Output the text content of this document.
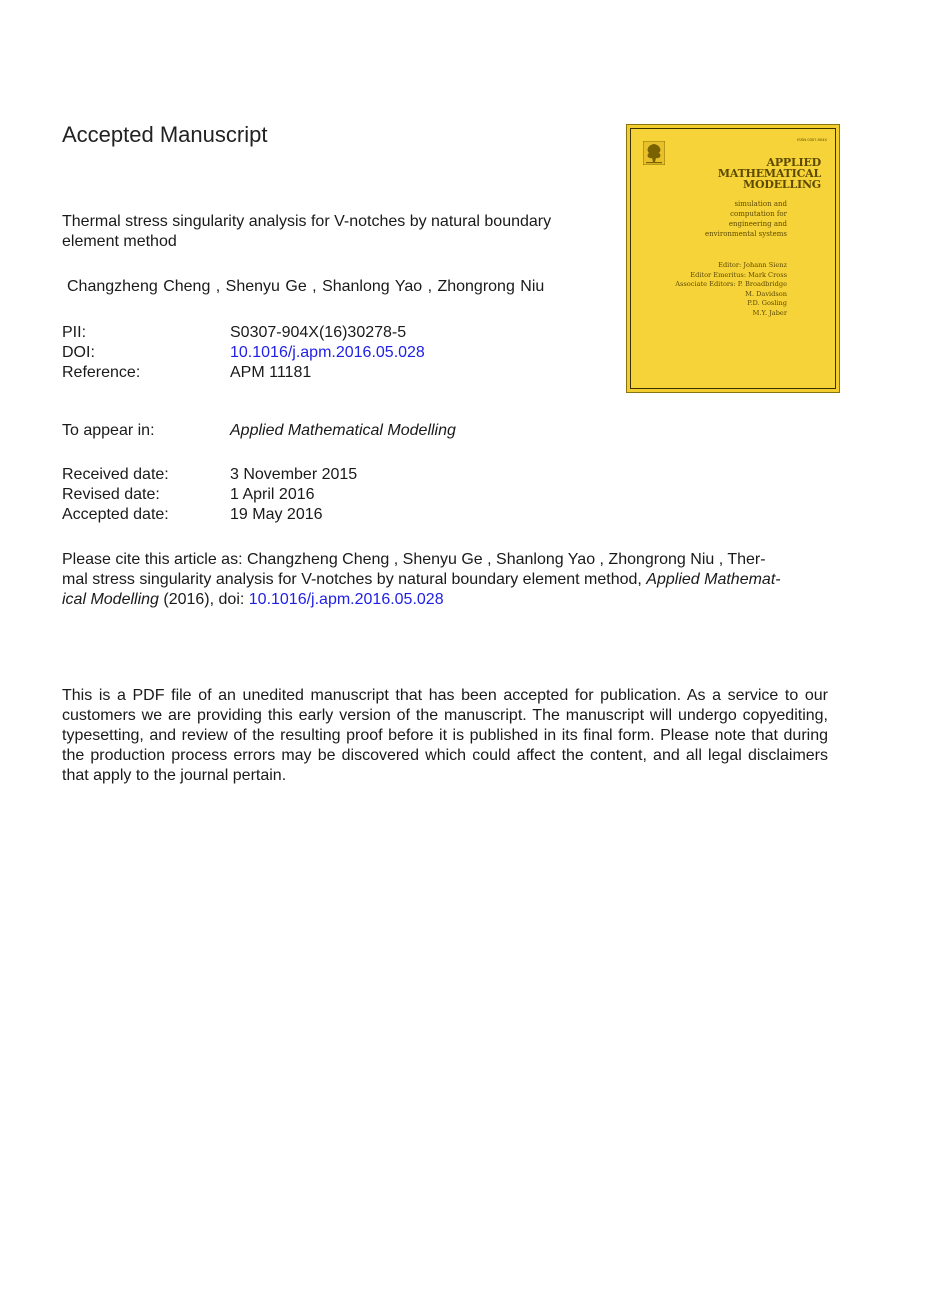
Accepted Manuscript
Thermal stress singularity analysis for V-notches by natural boundary element method
Changzheng Cheng , Shenyu Ge , Shanlong Yao , Zhongrong Niu
PII:	S0307-904X(16)30278-5
DOI:	10.1016/j.apm.2016.05.028
Reference:	APM 11181
To appear in:	Applied Mathematical Modelling
Received date:	3 November 2015
Revised date:	1 April 2016
Accepted date:	19 May 2016
Please cite this article as: Changzheng Cheng , Shenyu Ge , Shanlong Yao , Zhongrong Niu , Ther-
mal stress singularity analysis for V-notches by natural boundary element method, Applied Mathemat-
ical Modelling (2016), doi: 10.1016/j.apm.2016.05.028
This is a PDF file of an unedited manuscript that has been accepted for publication. As a service to our customers we are providing this early version of the manuscript. The manuscript will undergo copyediting, typesetting, and review of the resulting proof before it is published in its final form. Please note that during the production process errors may be discovered which could affect the content, and all legal disclaimers that apply to the journal pertain.
ISSN 0307-904X
APPLIED
MATHEMATICAL
MODELLING
simulation and
computation for
engineering and
environmental systems
Editor: Johann Sienz
Editor Emeritus: Mark Cross
Associate Editors: P. Broadbridge
M. Davidson
P.D. Gosling
M.Y. Jaber
